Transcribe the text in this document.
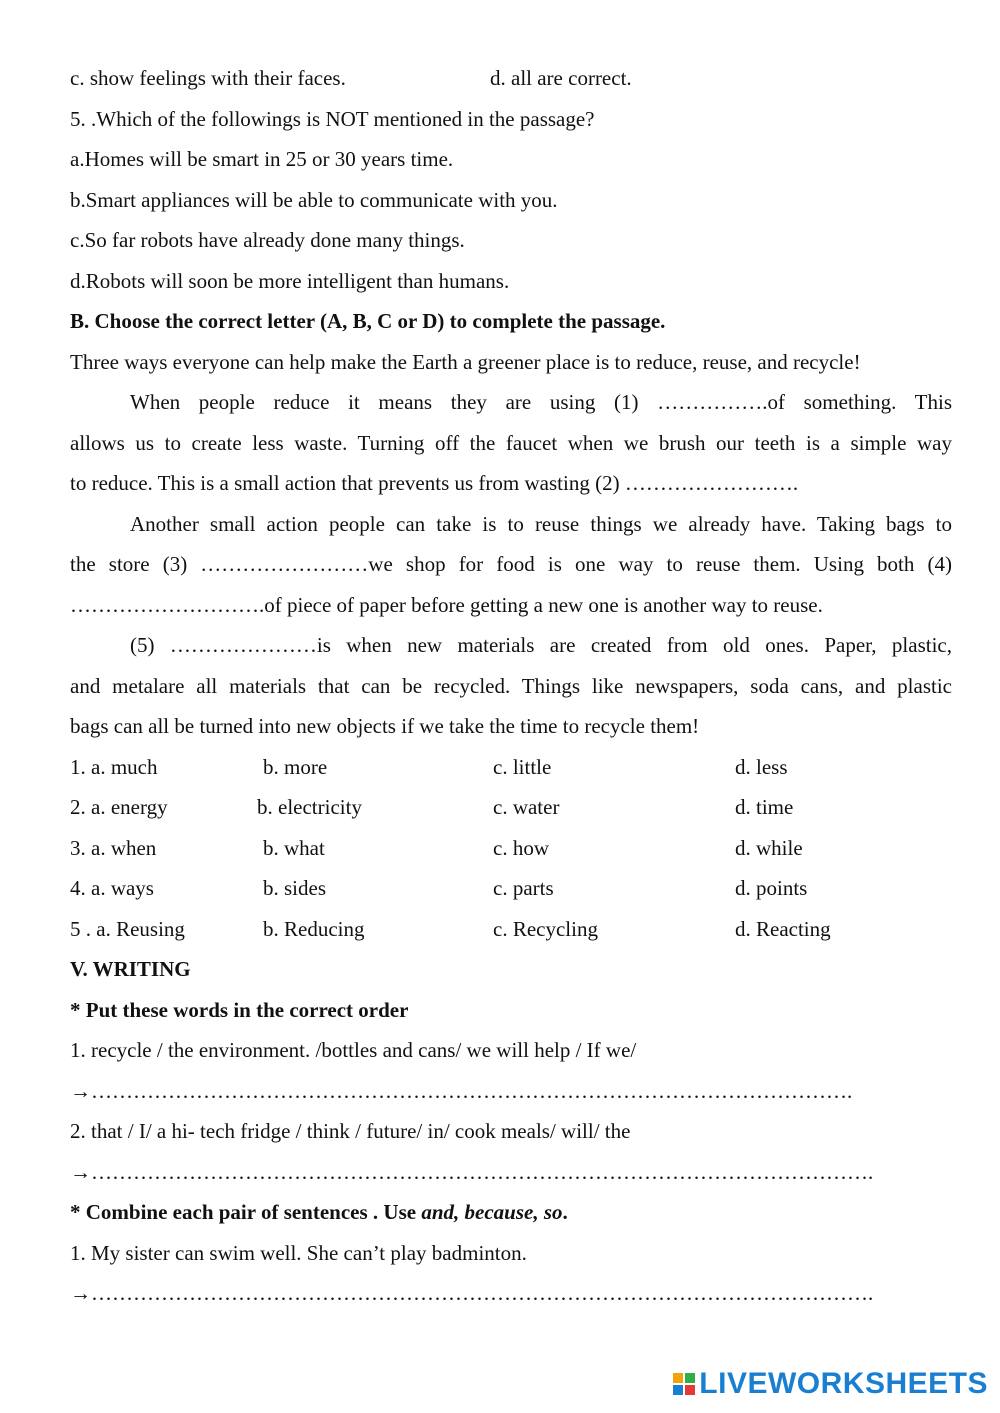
c. show feelings with their faces.	d. all are correct.
5. .Which of the followings is NOT mentioned in the passage?
a.Homes will be smart in 25 or 30 years time.
b.Smart appliances will be able to communicate with you.
c.So far robots have already done many things.
d.Robots will soon be more intelligent than humans.
B. Choose the correct letter (A, B, C or D) to complete the passage.
Three ways everyone can help make the Earth a greener place is to reduce, reuse, and recycle!
When people reduce it means they are using (1) …………….of something. This
allows us to create less waste. Turning off the faucet when we brush our teeth is a simple way
to reduce. This is a small action that prevents us from wasting (2) …………………….
Another small action people can take is to reuse things we already have. Taking bags to
the store (3) ……………………we shop for food is one way to reuse them. Using both (4)
……………………….of piece of paper before getting a new one is another way to reuse.
(5) …………………is when new materials are created from old ones. Paper, plastic,
and metalare all materials that can be recycled. Things like newspapers, soda cans, and plastic
bags can all be turned into new objects if we take the time to recycle them!
1. a. much	b. more	c. little	d. less
2. a. energy	b. electricity	c. water	d. time
3. a. when	b. what	c. how	d. while
4. a. ways	b. sides	c. parts	d. points
5 . a. Reusing	b. Reducing	c. Recycling	d. Reacting
V. WRITING
* Put these words in the correct order
1. recycle / the environment. /bottles and cans/ we will help / If we/
→……………………………………………………………………………………………….
2. that / I/ a hi- tech fridge / think / future/ in/ cook meals/ will/ the
→………………………………………………………………………………………………….
* Combine each pair of sentences . Use and, because, so.
1. My sister can swim well. She can’t play badminton.
→………………………………………………………………………………………………….
LIVEWORKSHEETS
